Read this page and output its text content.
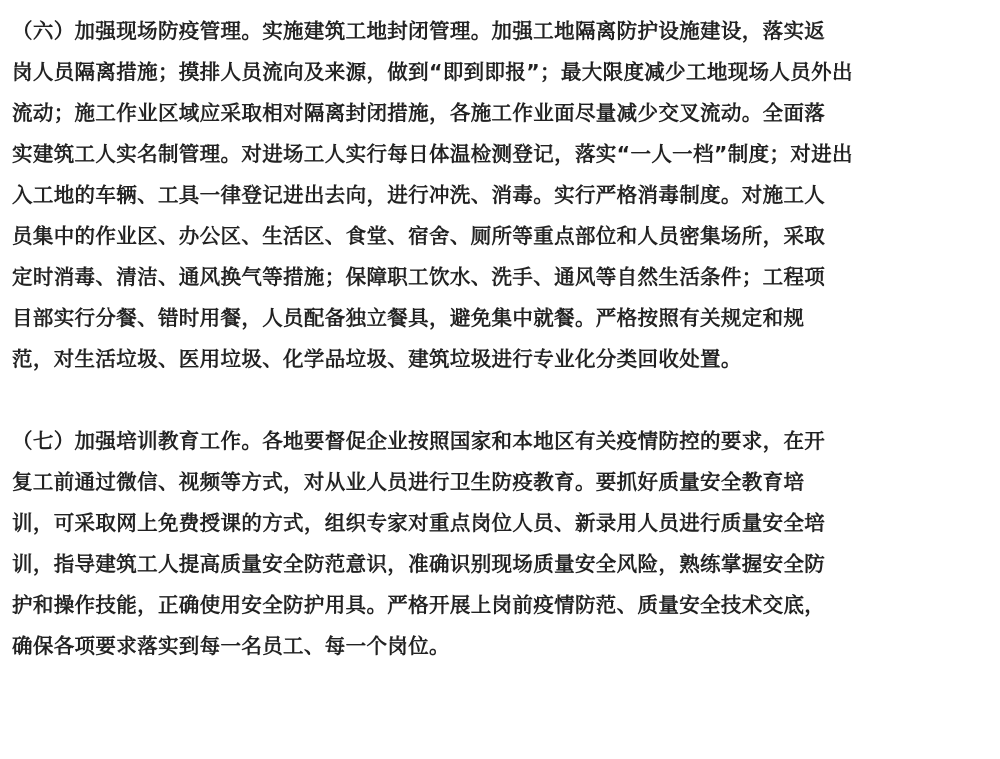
（六）加强现场防疫管理。实施建筑工地封闭管理。加强工地隔离防护设施建设，落实返
岗人员隔离措施；摸排人员流向及来源，做到“即到即报”；最大限度减少工地现场人员外出
流动；施工作业区域应采取相对隔离封闭措施，各施工作业面尽量减少交叉流动。全面落
实建筑工人实名制管理。对进场工人实行每日体温检测登记，落实“一人一档”制度；对进出
入工地的车辆、工具一律登记进出去向，进行冲洗、消毒。实行严格消毒制度。对施工人
员集中的作业区、办公区、生活区、食堂、宿舍、厕所等重点部位和人员密集场所，采取
定时消毒、清洁、通风换气等措施；保障职工饮水、洗手、通风等自然生活条件；工程项
目部实行分餐、错时用餐，人员配备独立餐具，避免集中就餐。严格按照有关规定和规
范，对生活垃圾、医用垃圾、化学品垃圾、建筑垃圾进行专业化分类回收处置。
（七）加强培训教育工作。各地要督促企业按照国家和本地区有关疫情防控的要求，在开
复工前通过微信、视频等方式，对从业人员进行卫生防疫教育。要抓好质量安全教育培
训，可采取网上免费授课的方式，组织专家对重点岗位人员、新录用人员进行质量安全培
训，指导建筑工人提高质量安全防范意识，准确识别现场质量安全风险，熟练掌握安全防
护和操作技能，正确使用安全防护用具。严格开展上岗前疫情防范、质量安全技术交底，
确保各项要求落实到每一名员工、每一个岗位。
